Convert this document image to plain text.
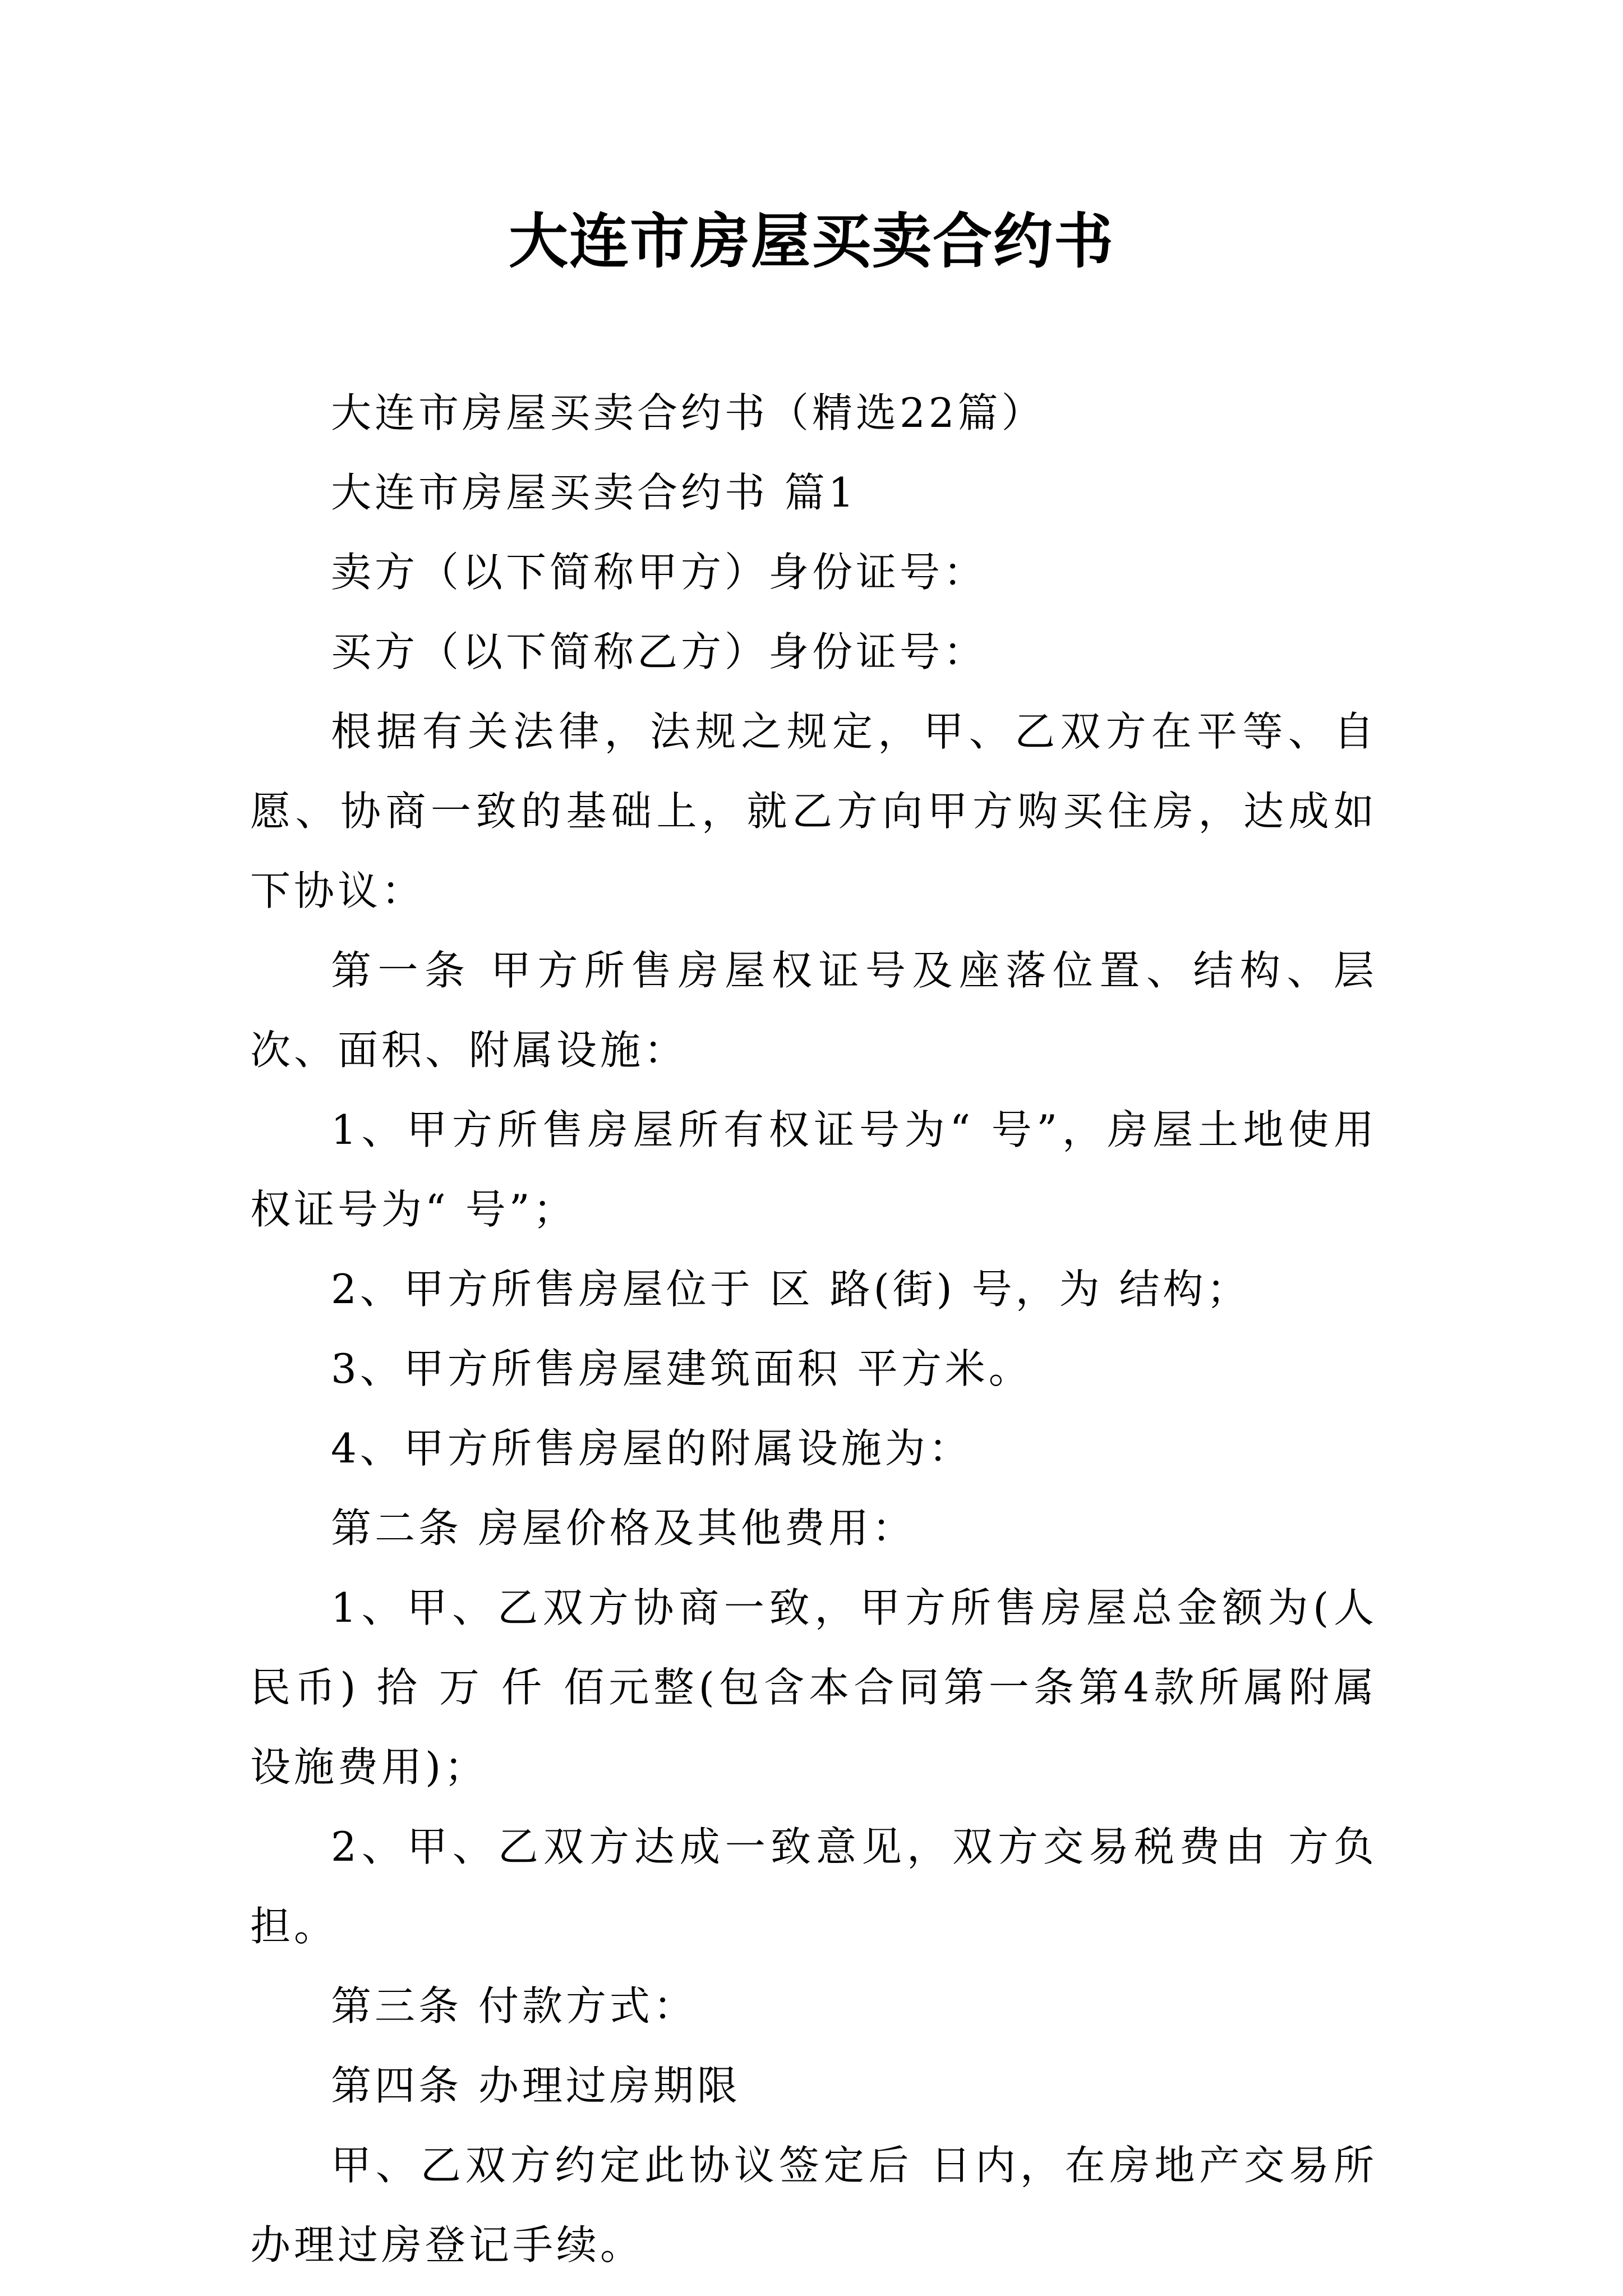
大连市房屋买卖合约书

大连市房屋买卖合约书（精选22篇）

大连市房屋买卖合约书 篇1

卖方（以下简称甲方）身份证号：

买方（以下简称乙方）身份证号：

根据有关法律，法规之规定，甲、乙双方在平等、自愿、协商一致的基础上，就乙方向甲方购买住房，达成如下协议：

第一条 甲方所售房屋权证号及座落位置、结构、层次、面积、附属设施：

1、甲方所售房屋所有权证号为“ 号”，房屋土地使用权证号为“ 号”；

2、甲方所售房屋位于 区 路(街) 号，为 结构；

3、甲方所售房屋建筑面积 平方米。

4、甲方所售房屋的附属设施为：

第二条 房屋价格及其他费用：

1、甲、乙双方协商一致，甲方所售房屋总金额为(人民币) 拾 万 仟 佰元整(包含本合同第一条第4款所属附属设施费用)；

2、甲、乙双方达成一致意见，双方交易税费由 方负担。

第三条 付款方式：

第四条 办理过房期限

甲、乙双方约定此协议签定后 日内，在房地产交易所办理过房登记手续。
